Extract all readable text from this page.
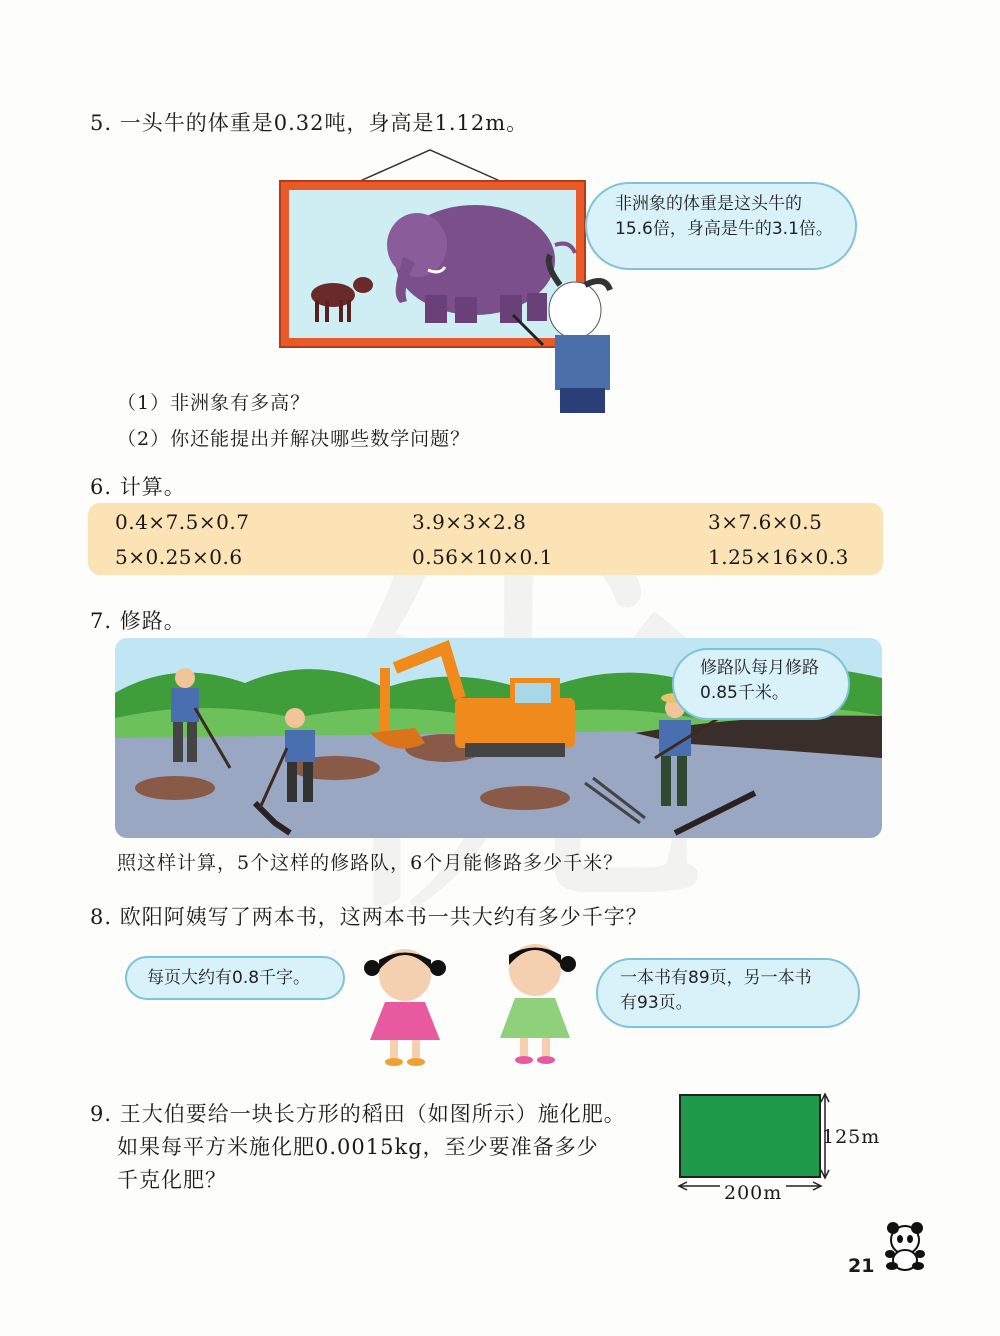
5. 一头牛的体重是0.32吨，身高是1.12m。
非洲象的体重是这头牛的
15.6倍，身高是牛的3.1倍。
（1）非洲象有多高？
（2）你还能提出并解决哪些数学问题？
6. 计算。
0.4×7.5×0.7	3.9×3×2.8	3×7.6×0.5
5×0.25×0.6	0.56×10×0.1	1.25×16×0.3
7. 修路。
修路队每月修路
0.85千米。
照这样计算，5个这样的修路队，6个月能修路多少千米？
8. 欧阳阿姨写了两本书，这两本书一共大约有多少千字？
每页大约有0.8千字。	一本书有89页，另一本书
有93页。
9. 王大伯要给一块长方形的稻田（如图所示）施化肥。
如果每平方米施化肥0.0015kg，至少要准备多少
千克化肥？
125m
200m
21
